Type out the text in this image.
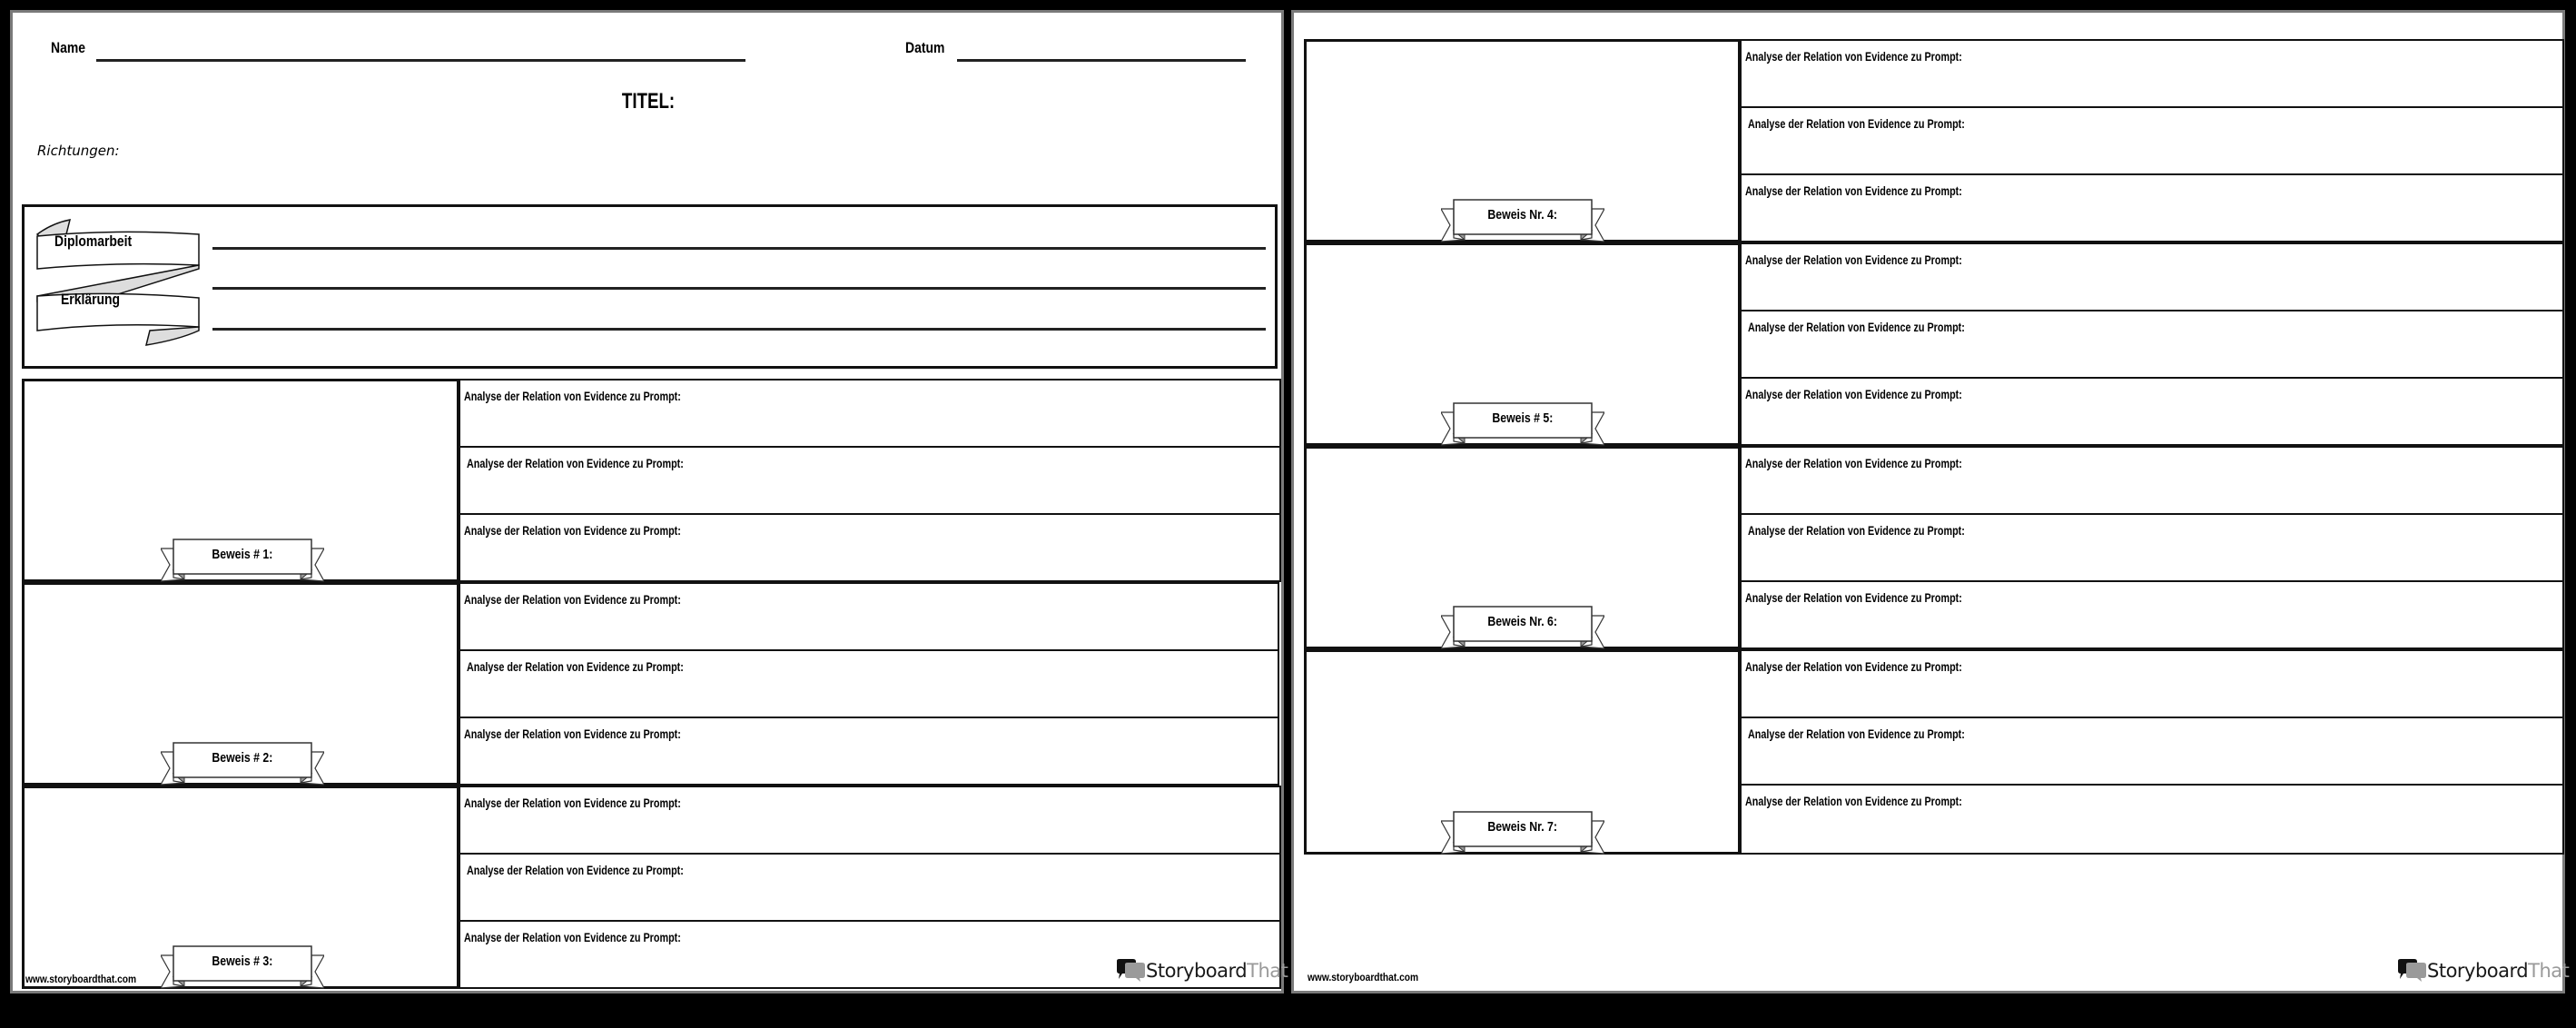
Name	Datum
TITEL:
Richtungen:
Diplomarbeit
Erklärung
Beweis # 1:
Analyse der Relation von Evidence zu Prompt:
Analyse der Relation von Evidence zu Prompt:
Analyse der Relation von Evidence zu Prompt:
Beweis # 2:
Analyse der Relation von Evidence zu Prompt:
Analyse der Relation von Evidence zu Prompt:
Analyse der Relation von Evidence zu Prompt:
Beweis # 3:
Analyse der Relation von Evidence zu Prompt:
Analyse der Relation von Evidence zu Prompt:
Analyse der Relation von Evidence zu Prompt:
www.storyboardthat.com	Storyboard That
Beweis Nr. 4:
Analyse der Relation von Evidence zu Prompt:
Analyse der Relation von Evidence zu Prompt:
Analyse der Relation von Evidence zu Prompt:
Beweis # 5:
Analyse der Relation von Evidence zu Prompt:
Analyse der Relation von Evidence zu Prompt:
Analyse der Relation von Evidence zu Prompt:
Beweis Nr. 6:
Analyse der Relation von Evidence zu Prompt:
Analyse der Relation von Evidence zu Prompt:
Analyse der Relation von Evidence zu Prompt:
Beweis Nr. 7:
Analyse der Relation von Evidence zu Prompt:
Analyse der Relation von Evidence zu Prompt:
Analyse der Relation von Evidence zu Prompt:
www.storyboardthat.com	Storyboard That
